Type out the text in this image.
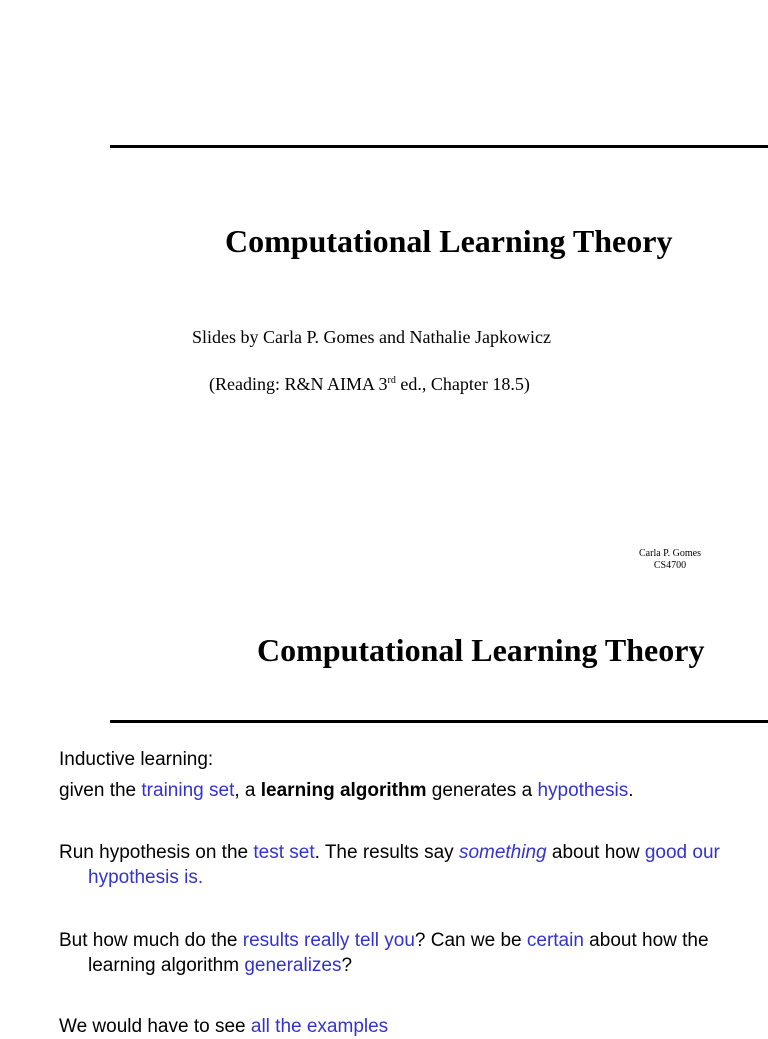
Computational Learning Theory
Slides by Carla P. Gomes and Nathalie Japkowicz
(Reading: R&N AIMA 3rd ed., Chapter 18.5)
Carla P. Gomes
CS4700
Computational Learning Theory
Inductive learning:
given the training set, a learning algorithm generates a hypothesis.
Run hypothesis on the test set. The results say something about how good our hypothesis is.
But how much do the results really tell you? Can we be certain about how the learning algorithm generalizes?
We would have to see all the examples
